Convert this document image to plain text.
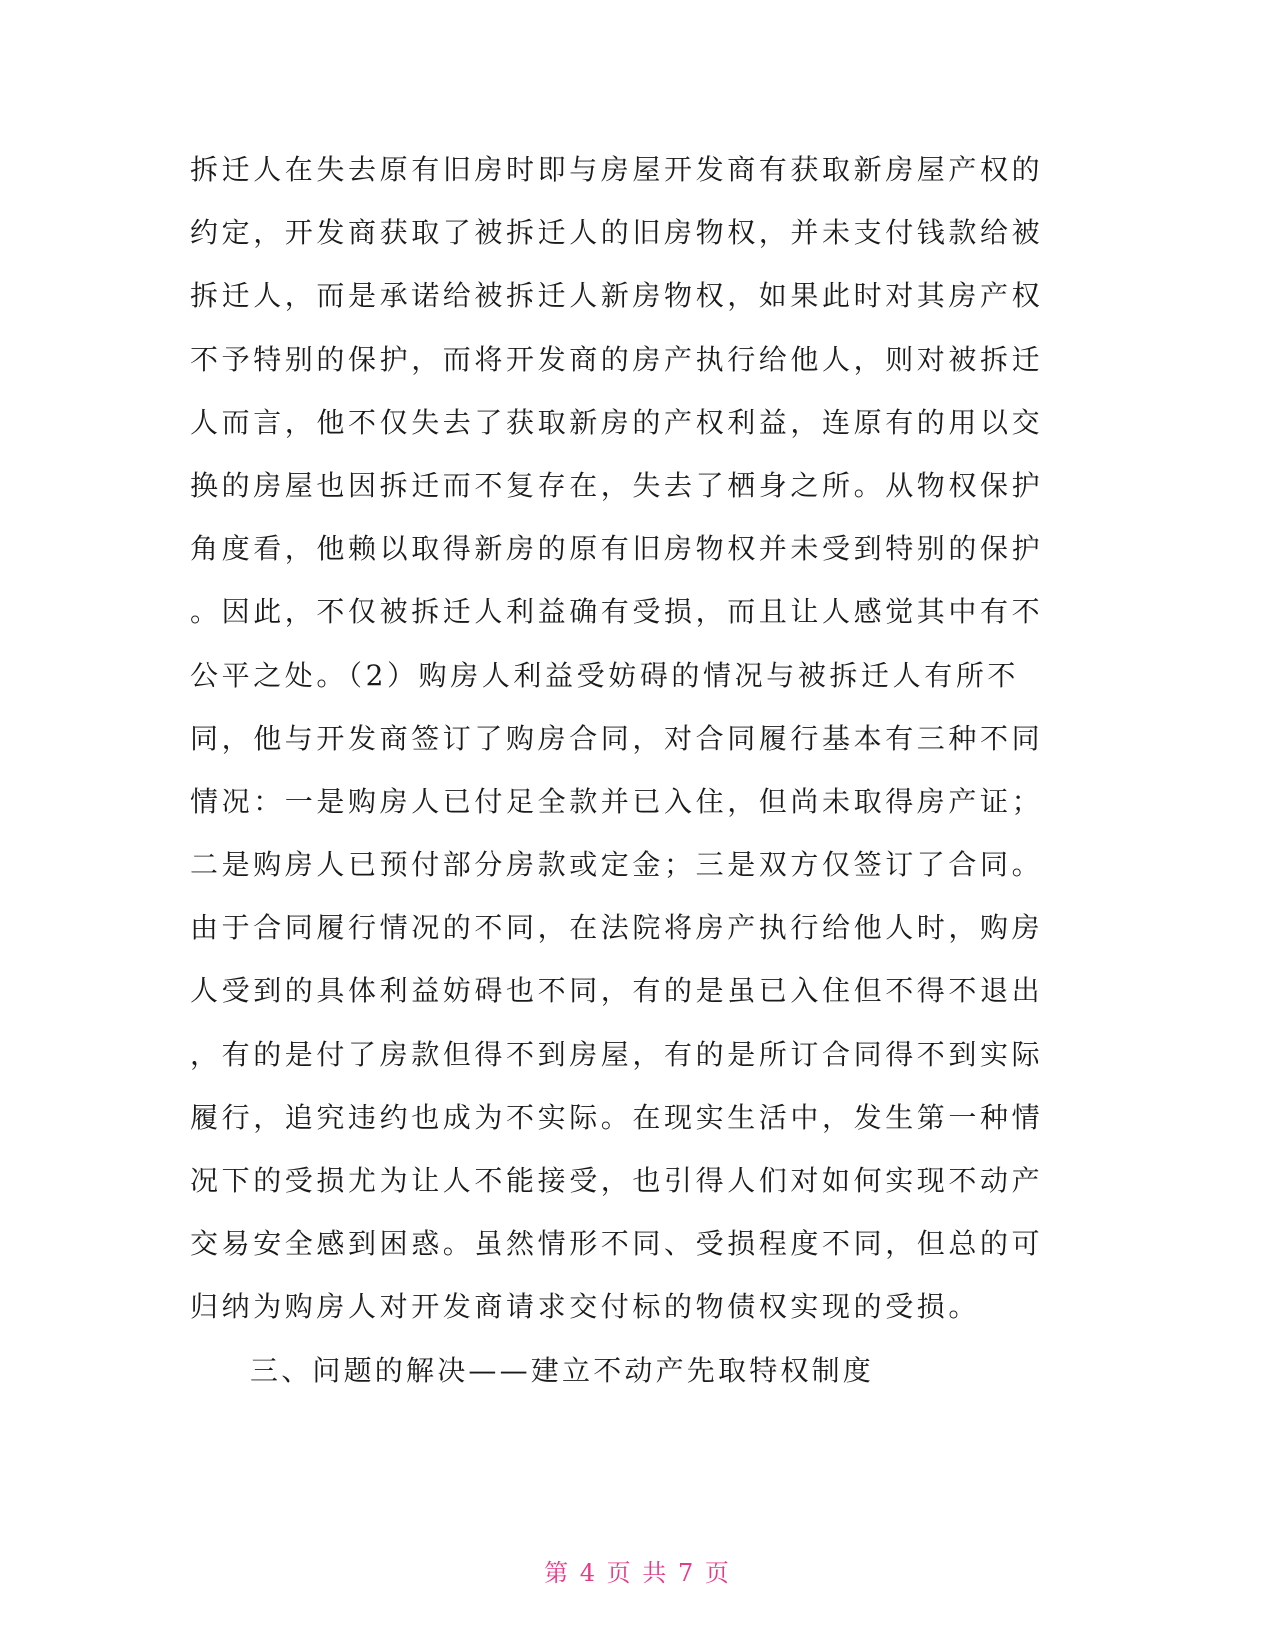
拆迁人在失去原有旧房时即与房屋开发商有获取新房屋产权的
约定，开发商获取了被拆迁人的旧房物权，并未支付钱款给被
拆迁人，而是承诺给被拆迁人新房物权，如果此时对其房产权
不予特别的保护，而将开发商的房产执行给他人，则对被拆迁
人而言，他不仅失去了获取新房的产权利益，连原有的用以交
换的房屋也因拆迁而不复存在，失去了栖身之所。从物权保护
角度看，他赖以取得新房的原有旧房物权并未受到特别的保护
。因此，不仅被拆迁人利益确有受损，而且让人感觉其中有不
公平之处。（2）购房人利益受妨碍的情况与被拆迁人有所不
同，他与开发商签订了购房合同，对合同履行基本有三种不同
情况：一是购房人已付足全款并已入住，但尚未取得房产证；
二是购房人已预付部分房款或定金；三是双方仅签订了合同。
由于合同履行情况的不同，在法院将房产执行给他人时，购房
人受到的具体利益妨碍也不同，有的是虽已入住但不得不退出
，有的是付了房款但得不到房屋，有的是所订合同得不到实际
履行，追究违约也成为不实际。在现实生活中，发生第一种情
况下的受损尤为让人不能接受，也引得人们对如何实现不动产
交易安全感到困惑。虽然情形不同、受损程度不同，但总的可
归纳为购房人对开发商请求交付标的物债权实现的受损。
三、问题的解决——建立不动产先取特权制度
第 4 页 共 7 页
